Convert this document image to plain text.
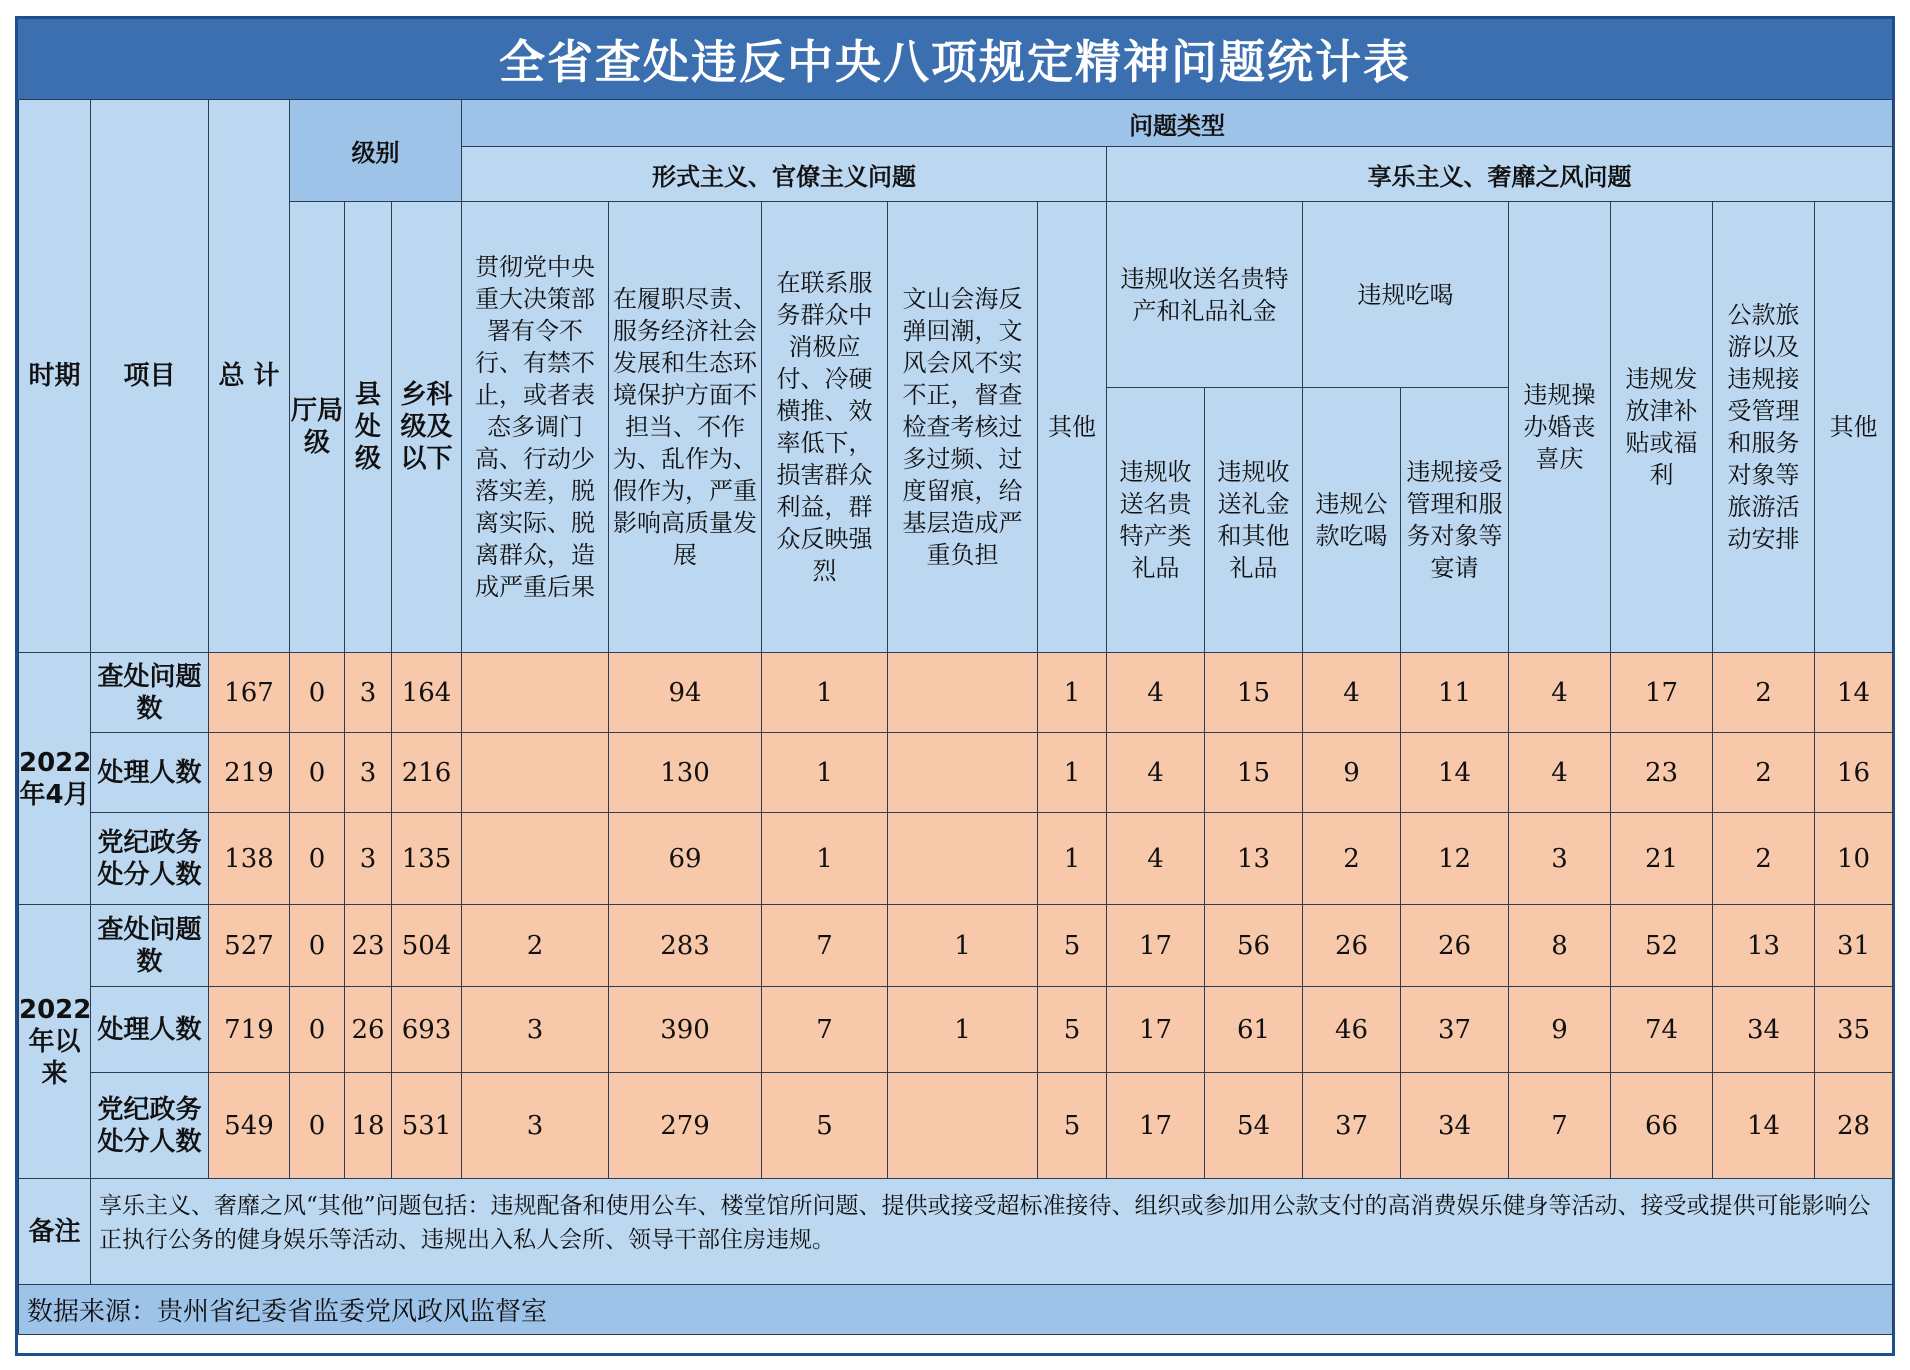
全省查处违反中央八项规定精神问题统计表
时期	项目	总 计	级别			问题类型												
						形式主义、官僚主义问题					享乐主义、奢靡之风问题							
			厅局级	县处级	乡科级及以下	贯彻党中央重大决策部署有令不行、有禁不止，或者表态多调门高、行动少落实差，脱离实际、脱离群众，造成严重后果	在履职尽责、服务经济社会发展和生态环境保护方面不担当、不作为、乱作为、假作为，严重影响高质量发展	在联系服务群众中消极应付、冷硬横推、效率低下，损害群众利益，群众反映强烈	文山会海反弹回潮，文风会风不实不正，督查检查考核过多过频、过度留痕，给基层造成严重负担	其他	违规收送名贵特产和礼品礼金		违规吃喝		违规操办婚丧喜庆	违规发放津补贴或福利	公款旅游以及违规接受管理和服务对象等旅游活动安排	其他
											违规收送名贵特产类礼品	违规收送礼金和其他礼品	违规公款吃喝	违规接受管理和服务对象等宴请				

2022年4月	查处问题数	167	0	3	164		94	1		1	4	15	4	11	4	17	2	14
	处理人数	219	0	3	216		130	1		1	4	15	9	14	4	23	2	16
	党纪政务处分人数	138	0	3	135		69	1		1	4	13	2	12	3	21	2	10
2022年以来	查处问题数	527	0	23	504	2	283	7	1	5	17	56	26	26	8	52	13	31
	处理人数	719	0	26	693	3	390	7	1	5	17	61	46	37	9	74	34	35
	党纪政务处分人数	549	0	18	531	3	279	5		5	17	54	37	34	7	66	14	28
备注	享乐主义、奢靡之风“其他”问题包括：违规配备和使用公车、楼堂馆所问题、提供或接受超标准接待、组织或参加用公款支付的高消费娱乐健身等活动、接受或提供可能影响公正执行公务的健身娱乐等活动、违规出入私人会所、领导干部住房违规。																	
数据来源：贵州省纪委省监委党风政风监督室																		
